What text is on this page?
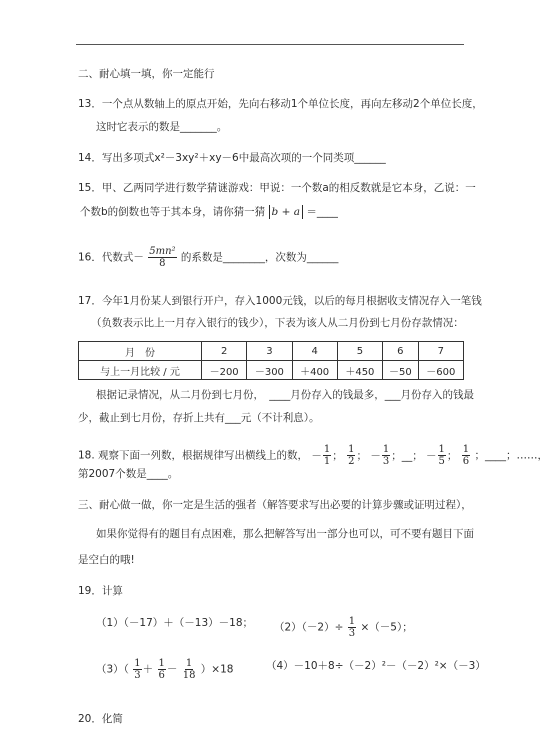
二、耐心填一填，你一定能行
13．一个点从数轴上的原点开始，先向右移动1个单位长度，再向左移动2个单位长度，
这时它表示的数是_______。
14．写出多项式x²－3xy²＋xy－6中最高次项的一个同类项______
15．甲、乙两同学进行数学猜谜游戏：甲说：一个数a的相反数就是它本身，乙说：一
个数b的倒数也等于其本身，请你猜一猜 b + a ＝____
16．代数式－ $\frac{\text{5mn²}}{8}$ 的系数是________，次数为______
17．今年1月份某人到银行开户，存入1000元钱，以后的每月根据收支情况存入一笔钱
（负数表示比上一月存入银行的钱少），下表为该人从二月份到七月份存款情况：
月　份	2	3	4	5	6	7
与上一月比较 / 元	－200	－300	＋400	＋450	－50	－600
根据记录情况，从二月份到七月份，　____月份存入的钱最多，___月份存入的钱最
少，截止到七月份，存折上共有___元（不计利息）。
18. 观察下面一列数，根据规律写出横线上的数， － $\frac{1}{1}$ ； $\frac{1}{2}$ ； － $\frac{1}{3}$ ；__； － $\frac{1}{5}$ ； $\frac{1}{6}$ ；____；……，
第2007个数是____。
三、耐心做一做，你一定是生活的强者（解答要求写出必要的计算步骤或证明过程），
如果你觉得有的题目有点困难，那么把解答写出一部分也可以，可不要有题目下面
是空白的哦!
19．计算
（1）（－17）＋（－13）－18； $(2)(-2)\div \frac{1}{3} \times(-5)$；
$(3)( \frac{1}{3} + \frac{1}{6} - \frac{1}{18} )\times 18$	（4）－10＋8÷（－2）²－（－2）²×（－3）
20．化简
